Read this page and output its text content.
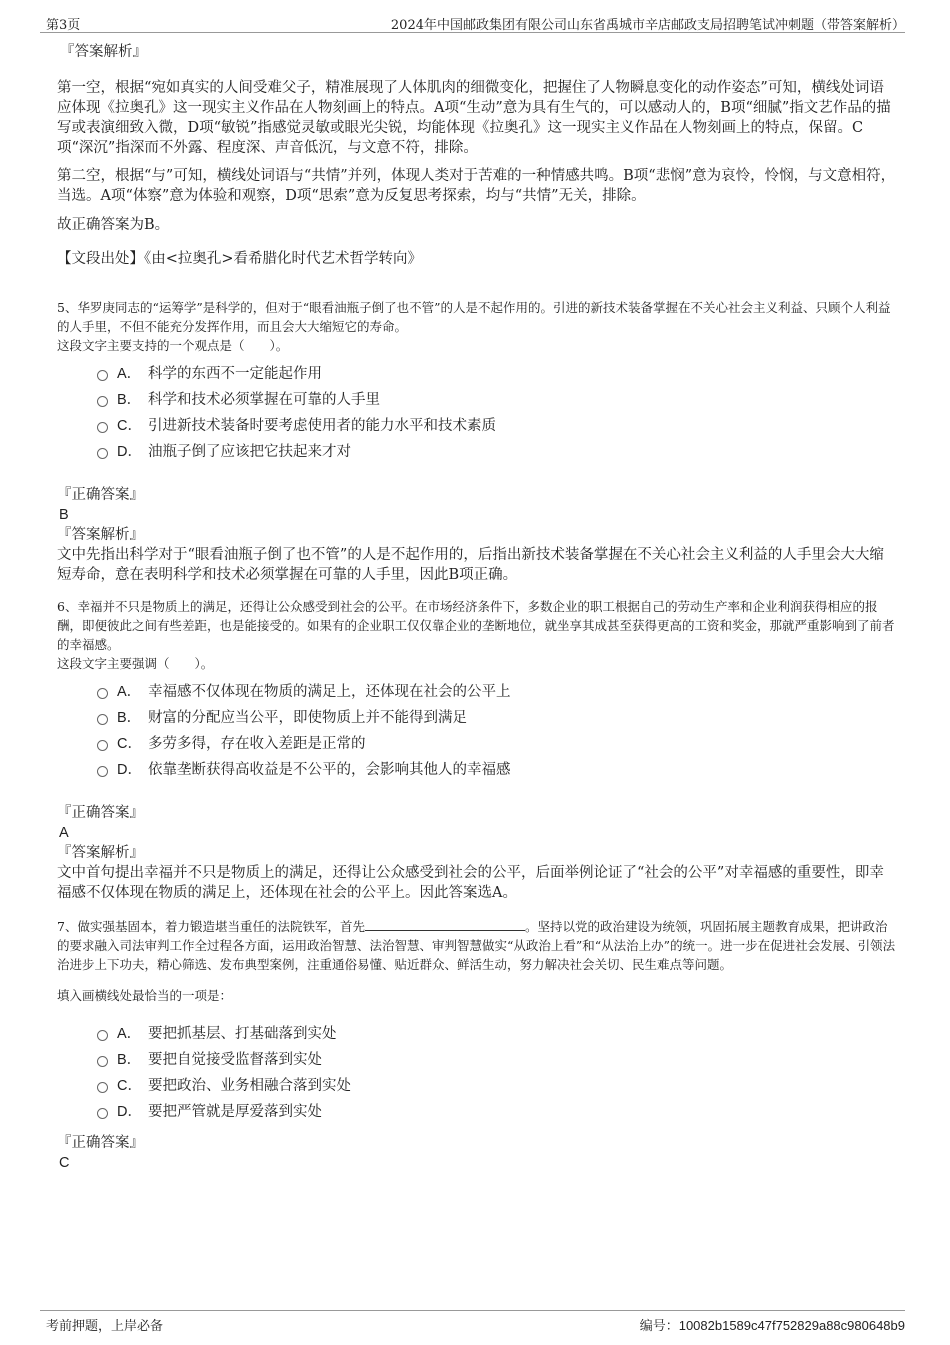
第3页	2024年中国邮政集团有限公司山东省禹城市辛店邮政支局招聘笔试冲刺题（带答案解析）
『答案解析』

第一空，根据“宛如真实的人间受难父子，精准展现了人体肌肉的细微变化，把握住了人物瞬息变化的动作姿态”可知，横线处词语应体现《拉奥孔》这一现实主义作品在人物刻画上的特点。A项“生动”意为具有生气的，可以感动人的，B项“细腻”指文艺作品的描写或表演细致入微，D项“敏锐”指感觉灵敏或眼光尖锐，均能体现《拉奥孔》这一现实主义作品在人物刻画上的特点，保留。C项“深沉”指深而不外露、程度深、声音低沉，与文意不符，排除。

第二空，根据“与”可知，横线处词语与“共情”并列，体现人类对于苦难的一种情感共鸣。B项“悲悯”意为哀怜，怜悯，与文意相符，当选。A项“体察”意为体验和观察，D项“思索”意为反复思考探索，均与“共情”无关，排除。

故正确答案为B。

【文段出处】《由<拉奥孔>看希腊化时代艺术哲学转向》

5、华罗庚同志的“运筹学”是科学的，但对于“眼看油瓶子倒了也不管”的人是不起作用的。引进的新技术装备掌握在不关心社会主义利益、只顾个人利益的人手里，不但不能充分发挥作用，而且会大大缩短它的寿命。

这段文字主要支持的一个观点是（　　）。

A． 科学的东西不一定能起作用
B． 科学和技术必须掌握在可靠的人手里
C． 引进新技术装备时要考虑使用者的能力水平和技术素质
D． 油瓶子倒了应该把它扶起来才对
『正确答案』
B
『答案解析』

文中先指出科学对于“眼看油瓶子倒了也不管”的人是不起作用的，后指出新技术装备掌握在不关心社会主义利益的人手里会大大缩短寿命，意在表明科学和技术必须掌握在可靠的人手里，因此B项正确。

6、幸福并不只是物质上的满足，还得让公众感受到社会的公平。在市场经济条件下，多数企业的职工根据自己的劳动生产率和企业利润获得相应的报酬，即便彼此之间有些差距，也是能接受的。如果有的企业职工仅仅靠企业的垄断地位，就坐享其成甚至获得更高的工资和奖金，那就严重影响到了前者的幸福感。

这段文字主要强调（　　）。

A． 幸福感不仅体现在物质的满足上，还体现在社会的公平上
B． 财富的分配应当公平，即使物质上并不能得到满足
C． 多劳多得，存在收入差距是正常的
D． 依靠垄断获得高收益是不公平的，会影响其他人的幸福感
『正确答案』
A
『答案解析』

文中首句提出幸福并不只是物质上的满足，还得让公众感受到社会的公平，后面举例论证了“社会的公平”对幸福感的重要性，即幸福感不仅体现在物质的满足上，还体现在社会的公平上。因此答案选A。

7、做实强基固本，着力锻造堪当重任的法院铁军，首先	。坚持以党的政治建设为统领，巩固拓展主题教育成果，把讲政治的要求融入司法审判工作全过程各方面，运用政治智慧、法治智慧、审判智慧做实“从政治上看”和“从法治上办”的统一。进一步在促进社会发展、引领法治进步上下功夫，精心筛选、发布典型案例，注重通俗易懂、贴近群众、鲜活生动，努力解决社会关切、民生难点等问题。

填入画横线处最恰当的一项是：

A． 要把抓基层、打基础落到实处
B． 要把自觉接受监督落到实处
C． 要把政治、业务相融合落到实处
D． 要把严管就是厚爱落到实处
『正确答案』
C
考前押题，上岸必备	编号：10082b1589c47f752829a88c980648b9
